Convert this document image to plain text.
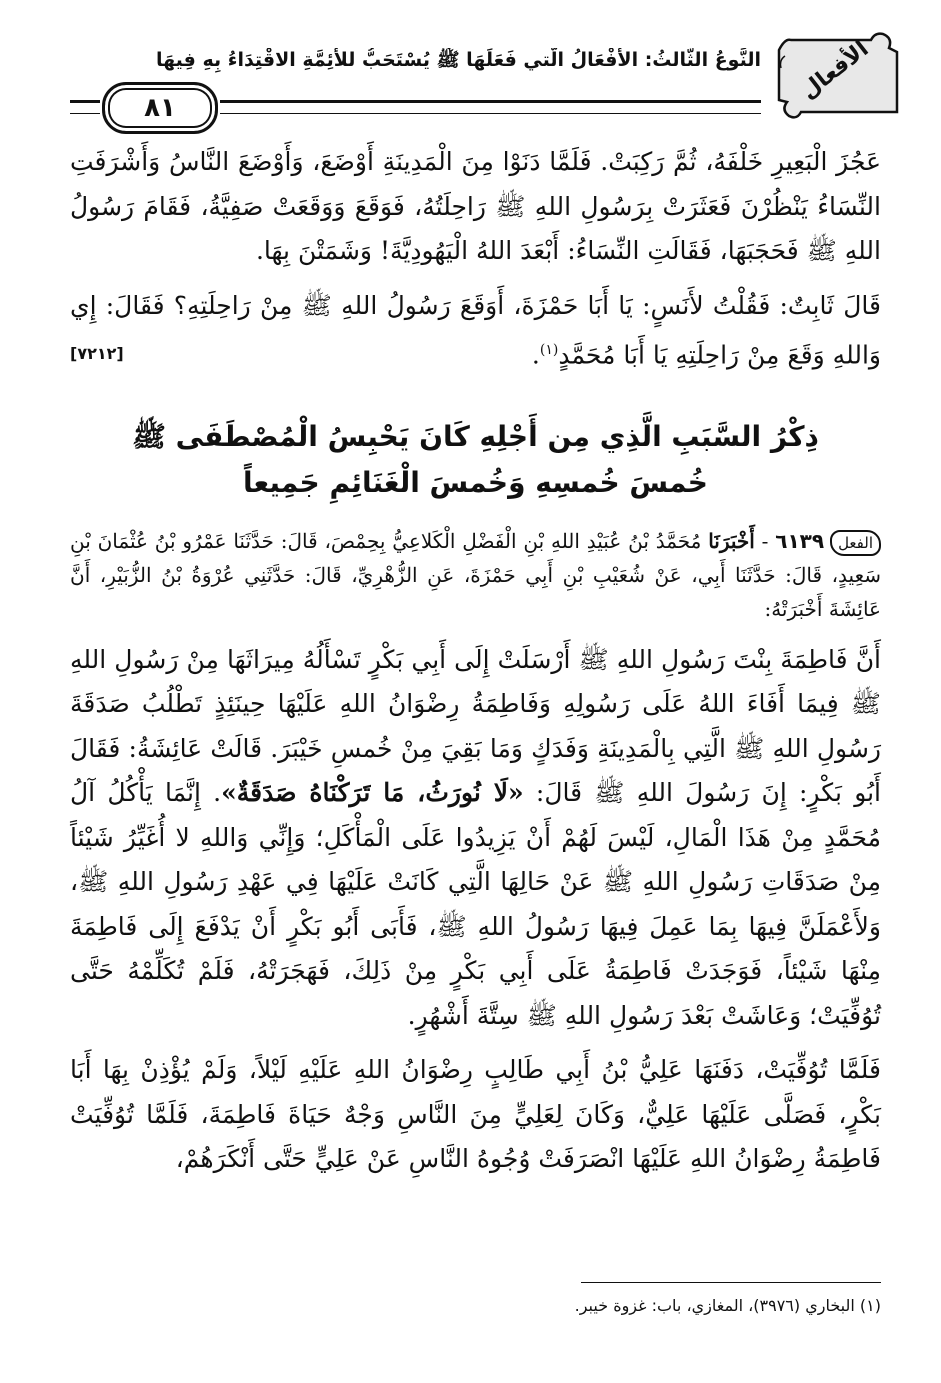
الأفعال
النَّوعُ الثَّالثُ: الأفْعَالُ الَّتي فَعَلَهَا ﷺ يُسْتَحَبُّ للأَئِمَّةِ الاقْتِدَاءُ بِهِ فِيهَا
٨١

عَجُزَ الْبَعِيرِ خَلْفَهُ، ثُمَّ رَكِبَتْ. فَلَمَّا دَنَوْا مِنَ الْمَدِينَةِ أَوْضَعَ، وَأَوْضَعَ النَّاسُ وَأَشْرَفَتِ النِّسَاءُ يَنْظُرْنَ فَعَثَرَتْ بِرَسُولِ اللهِ ﷺ رَاحِلَتُهُ، فَوَقَعَ وَوَقَعَتْ صَفِيَّةُ، فَقَامَ رَسُولُ اللهِ ﷺ فَحَجَبَهَا، فَقَالَتِ النِّسَاءُ: أَبْعَدَ اللهُ الْيَهُودِيَّةَ! وَشَمَتْنَ بِهَا.

قَالَ ثَابِتٌ: فَقُلْتُ لأَنَسٍ: يَا أَبَا حَمْزَةَ، أَوَقَعَ رَسُولُ اللهِ ﷺ مِنْ رَاحِلَتِهِ؟ فَقَالَ: إِي وَاللهِ وَقَعَ مِنْ رَاحِلَتِهِ يَا أَبَا مُحَمَّدٍ$^{(١)}$.
[٧٢١٢]

ذِكْرُ السَّبَبِ الَّذِي مِن أَجْلِهِ كَانَ يَحْبِسُ الْمُصْطَفَى ﷺ
خُمسَ خُمسِهِ وَخُمسَ الْغَنَائِمِ جَمِيعاً

الفعل٦١٣٩ - أَخْبَرَنَا مُحَمَّدُ بْنُ عُبَيْدِ اللهِ بْنِ الْفَضْلِ الْكَلاعِيُّ بِحِمْصَ، قَالَ: حَدَّثَنَا عَمْرُو بْنُ عُثْمَانَ بْنِ سَعِيدٍ، قَالَ: حَدَّثَنَا أَبِي، عَنْ شُعَيْبِ بْنِ أَبِي حَمْزَةَ، عَنِ الزُّهْرِيِّ، قَالَ: حَدَّثَنِي عُرْوَةُ بْنُ الزُّبَيْرِ، أَنَّ عَائِشَةَ أَخْبَرَتْهُ:

أَنَّ فَاطِمَةَ بِنْتَ رَسُولِ اللهِ ﷺ أَرْسَلَتْ إِلَى أَبِي بَكْرٍ تَسْأَلُهُ مِيرَاثَهَا مِنْ رَسُولِ اللهِ ﷺ فِيمَا أَفَاءَ اللهُ عَلَى رَسُولِهِ وَفَاطِمَةُ رِضْوَانُ اللهِ عَلَيْهَا حِينَئِذٍ تَطْلُبُ صَدَقَةَ رَسُولِ اللهِ ﷺ الَّتِي بِالْمَدِينَةِ وَفَدَكٍ وَمَا بَقِيَ مِنْ خُمسِ خَيْبَرَ. قَالَتْ عَائِشَةُ: فَقَالَ أَبُو بَكْرٍ: إِنَ رَسُولَ اللهِ ﷺ قَالَ: «لَا نُورَثُ، مَا تَرَكْنَاهُ صَدَقَةٌ». إِنَّمَا يَأْكُلُ آلُ مُحَمَّدٍ مِنْ هَذَا الْمَالِ، لَيْسَ لَهُمْ أَنْ يَزِيدُوا عَلَى الْمَأْكَلِ؛ وَإِنِّي وَاللهِ لا أُغَيِّرُ شَيْئاً مِنْ صَدَقَاتِ رَسُولِ اللهِ ﷺ عَنْ حَالِهَا الَّتِي كَانَتْ عَلَيْهَا فِي عَهْدِ رَسُولِ اللهِ ﷺ، وَلأَعْمَلَنَّ فِيهَا بِمَا عَمِلَ فِيهَا رَسُولُ اللهِ ﷺ، فَأَبَى أَبُو بَكْرٍ أَنْ يَدْفَعَ إِلَى فَاطِمَةَ مِنْهَا شَيْئاً، فَوَجَدَتْ فَاطِمَةُ عَلَى أَبِي بَكْرٍ مِنْ ذَلِكَ، فَهَجَرَتْهُ، فَلَمْ تُكَلِّمْهُ حَتَّى تُوُفِّيَتْ؛ وَعَاشَتْ بَعْدَ رَسُولِ اللهِ ﷺ سِتَّةَ أَشْهُرٍ.

فَلَمَّا تُوُفِّيَتْ، دَفَنَهَا عَلِيُّ بْنُ أَبِي طَالِبٍ رِضْوَانُ اللهِ عَلَيْهِ لَيْلاً، وَلَمْ يُؤْذِنْ بِهَا أَبَا بَكْرٍ، فَصَلَّى عَلَيْهَا عَلِيٌّ، وَكَانَ لِعَلِيٍّ مِنَ النَّاسِ وَجْهٌ حَيَاةَ فَاطِمَةَ، فَلَمَّا تُوُفِّيَتْ فَاطِمَةُ رِضْوَانُ اللهِ عَلَيْهَا انْصَرَفَتْ وُجُوهُ النَّاسِ عَنْ عَلِيٍّ حَتَّى أَنْكَرَهُمْ،

(١) البخاري (٣٩٧٦)، المغازي، باب: غزوة خيبر.
